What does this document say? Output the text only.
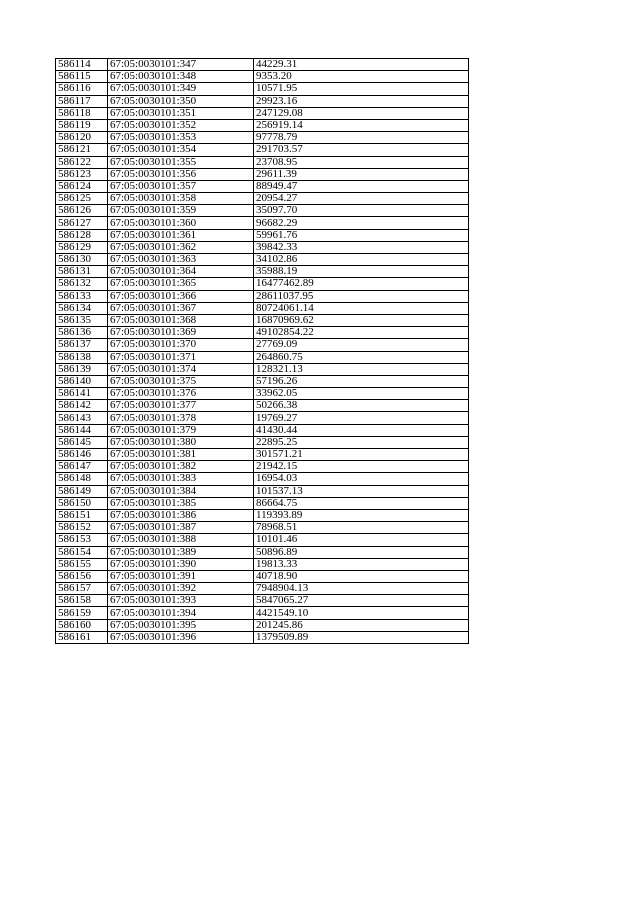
586114	67:05:0030101:347	44229.31
586115	67:05:0030101:348	9353.20
586116	67:05:0030101:349	10571.95
586117	67:05:0030101:350	29923.16
586118	67:05:0030101:351	247129.08
586119	67:05:0030101:352	256919.14
586120	67:05:0030101:353	97778.79
586121	67:05:0030101:354	291703.57
586122	67:05:0030101:355	23708.95
586123	67:05:0030101:356	29611.39
586124	67:05:0030101:357	88949.47
586125	67:05:0030101:358	20954.27
586126	67:05:0030101:359	35097.70
586127	67:05:0030101:360	96682.29
586128	67:05:0030101:361	59961.76
586129	67:05:0030101:362	39842.33
586130	67:05:0030101:363	34102.86
586131	67:05:0030101:364	35988.19
586132	67:05:0030101:365	16477462.89
586133	67:05:0030101:366	28611037.95
586134	67:05:0030101:367	80724061.14
586135	67:05:0030101:368	16870969.62
586136	67:05:0030101:369	49102854.22
586137	67:05:0030101:370	27769.09
586138	67:05:0030101:371	264860.75
586139	67:05:0030101:374	128321.13
586140	67:05:0030101:375	57196.26
586141	67:05:0030101:376	33962.05
586142	67:05:0030101:377	50266.38
586143	67:05:0030101:378	19769.27
586144	67:05:0030101:379	41430.44
586145	67:05:0030101:380	22895.25
586146	67:05:0030101:381	301571.21
586147	67:05:0030101:382	21942.15
586148	67:05:0030101:383	16954.03
586149	67:05:0030101:384	101537.13
586150	67:05:0030101:385	86664.75
586151	67:05:0030101:386	119393.89
586152	67:05:0030101:387	78968.51
586153	67:05:0030101:388	10101.46
586154	67:05:0030101:389	50896.89
586155	67:05:0030101:390	19813.33
586156	67:05:0030101:391	40718.90
586157	67:05:0030101:392	7948904.13
586158	67:05:0030101:393	5847065.27
586159	67:05:0030101:394	4421549.10
586160	67:05:0030101:395	201245.86
586161	67:05:0030101:396	1379509.89
